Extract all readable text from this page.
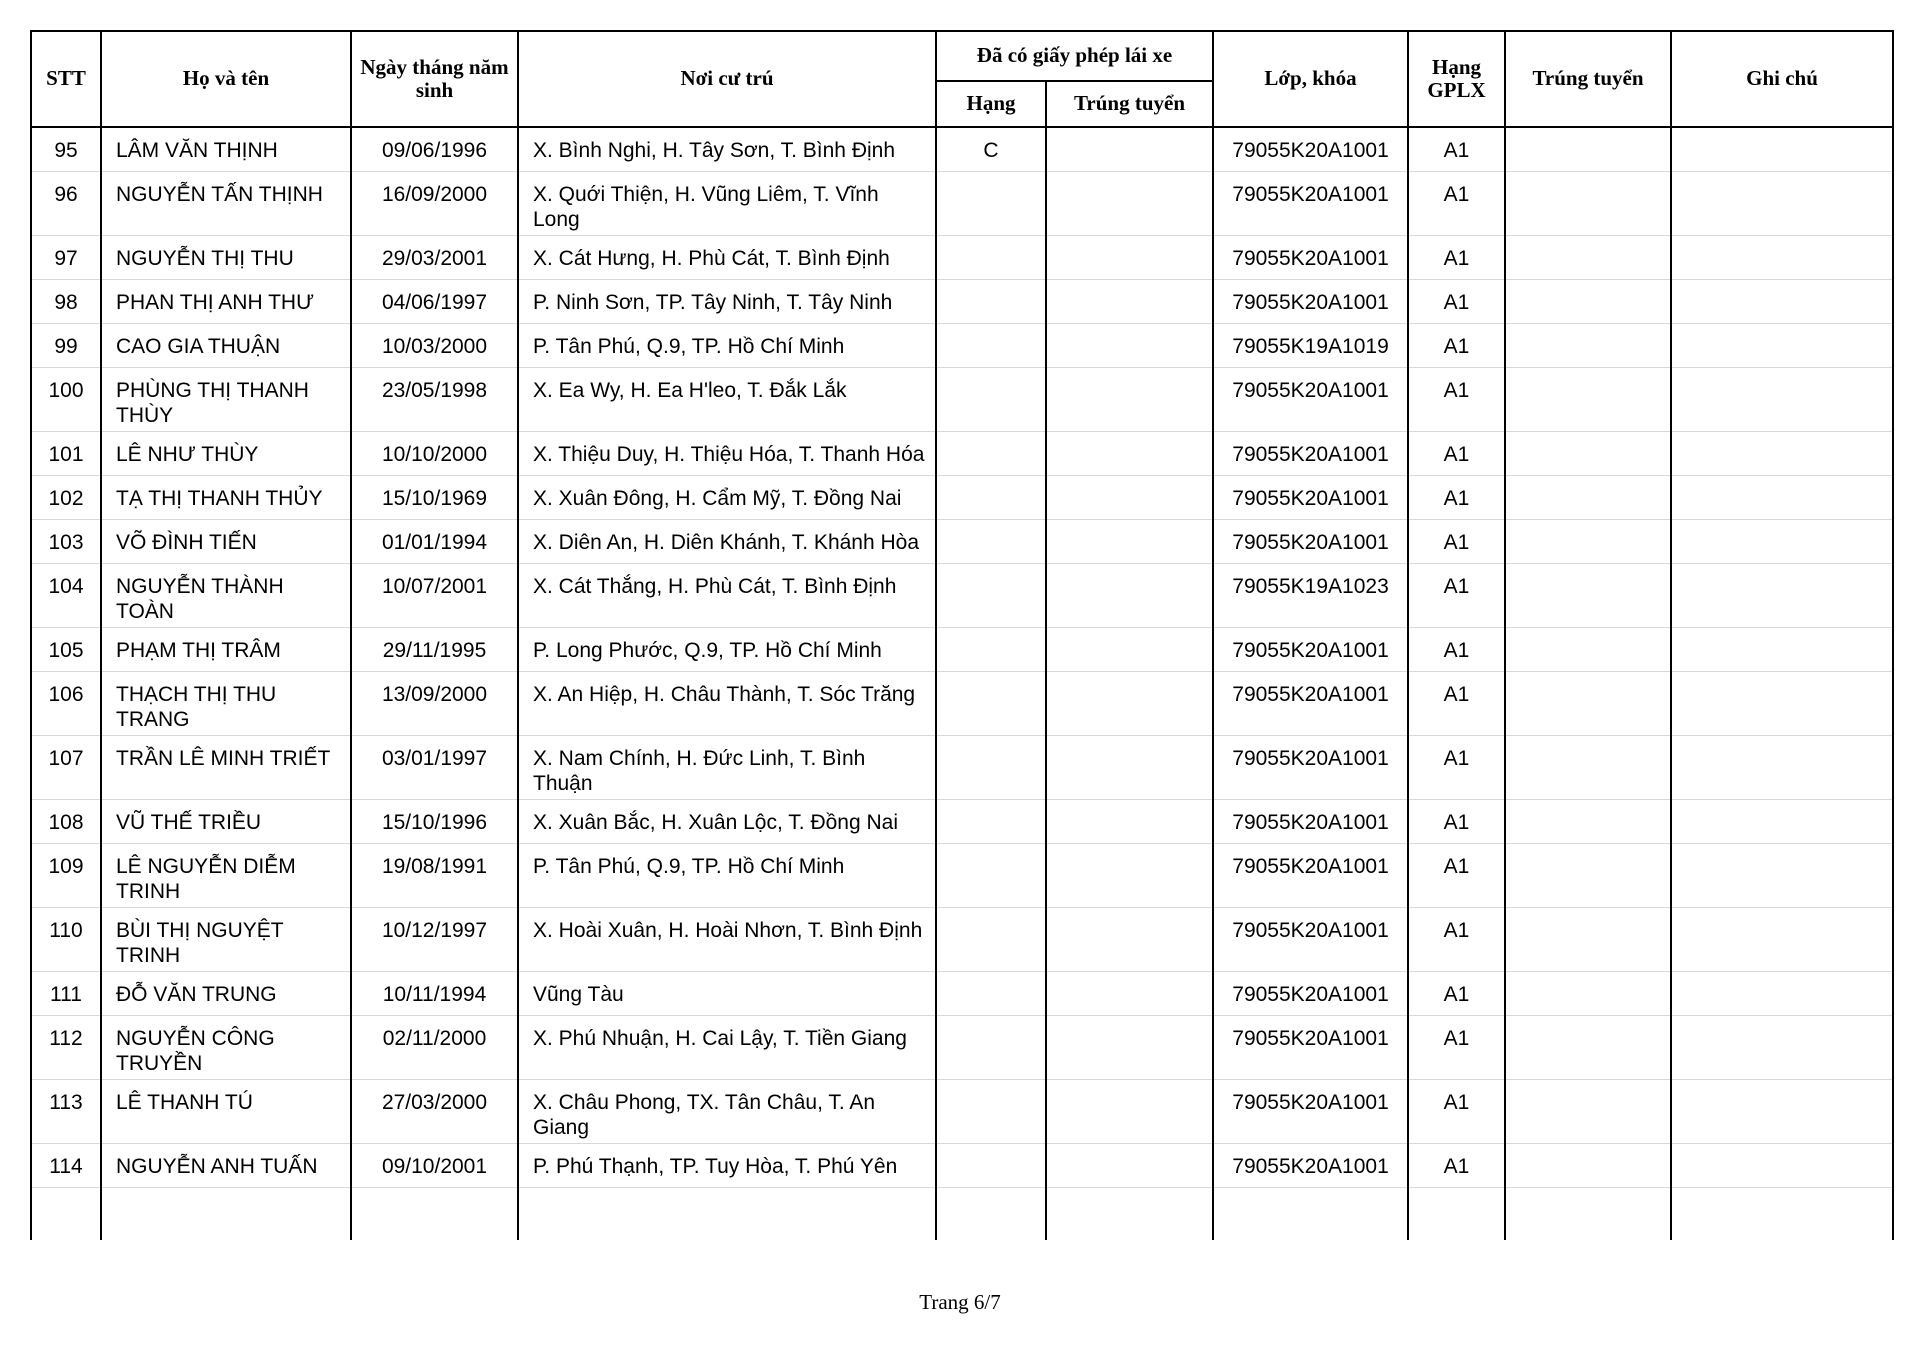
STT	Họ và tên	Ngày tháng năm sinh	Nơi cư trú	Đã có giấy phép lái xe		Lớp, khóa	Hạng GPLX	Trúng tuyển	Ghi chú
				Hạng	Trúng tuyển				
95	LÂM VĂN THỊNH	09/06/1996	X. Bình Nghi, H. Tây Sơn, T. Bình Định	C		79055K20A1001	A1		
96	NGUYỄN TẤN THỊNH	16/09/2000	X. Quới Thiện, H. Vũng Liêm, T. Vĩnh Long			79055K20A1001	A1		
97	NGUYỄN THỊ THU	29/03/2001	X. Cát Hưng, H. Phù Cát, T. Bình Định			79055K20A1001	A1		
98	PHAN THỊ ANH THƯ	04/06/1997	P. Ninh Sơn, TP. Tây Ninh, T. Tây Ninh			79055K20A1001	A1		
99	CAO GIA THUẬN	10/03/2000	P. Tân Phú, Q.9, TP. Hồ Chí Minh			79055K19A1019	A1		
100	PHÙNG THỊ THANH THÙY	23/05/1998	X. Ea Wy, H. Ea H'leo, T. Đắk Lắk			79055K20A1001	A1		
101	LÊ NHƯ THÙY	10/10/2000	X. Thiệu Duy, H. Thiệu Hóa, T. Thanh Hóa			79055K20A1001	A1		
102	TẠ THỊ THANH THỦY	15/10/1969	X. Xuân Đông, H. Cẩm Mỹ, T. Đồng Nai			79055K20A1001	A1		
103	VÕ ĐÌNH TIẾN	01/01/1994	X. Diên An, H. Diên Khánh, T. Khánh Hòa			79055K20A1001	A1		
104	NGUYỄN THÀNH TOÀN	10/07/2001	X. Cát Thắng, H. Phù Cát, T. Bình Định			79055K19A1023	A1		
105	PHẠM THỊ TRÂM	29/11/1995	P. Long Phước, Q.9, TP. Hồ Chí Minh			79055K20A1001	A1		
106	THẠCH THỊ THU TRANG	13/09/2000	X. An Hiệp, H. Châu Thành, T. Sóc Trăng			79055K20A1001	A1		
107	TRẦN LÊ MINH TRIẾT	03/01/1997	X. Nam Chính, H. Đức Linh, T. Bình Thuận			79055K20A1001	A1		
108	VŨ THẾ TRIỀU	15/10/1996	X. Xuân Bắc, H. Xuân Lộc, T. Đồng Nai			79055K20A1001	A1		
109	LÊ NGUYỄN DIỄM TRINH	19/08/1991	P. Tân Phú, Q.9, TP. Hồ Chí Minh			79055K20A1001	A1		
110	BÙI THỊ NGUYỆT TRINH	10/12/1997	X. Hoài Xuân, H. Hoài Nhơn, T. Bình Định			79055K20A1001	A1		
111	ĐỖ VĂN TRUNG	10/11/1994	Vũng Tàu			79055K20A1001	A1		
112	NGUYỄN CÔNG TRUYỀN	02/11/2000	X. Phú Nhuận, H. Cai Lậy, T. Tiền Giang			79055K20A1001	A1		
113	LÊ THANH TÚ	27/03/2000	X. Châu Phong, TX. Tân Châu, T. An Giang			79055K20A1001	A1		
114	NGUYỄN ANH TUẤN	09/10/2001	P. Phú Thạnh, TP. Tuy Hòa, T. Phú Yên			79055K20A1001	A1		

Trang 6/7
